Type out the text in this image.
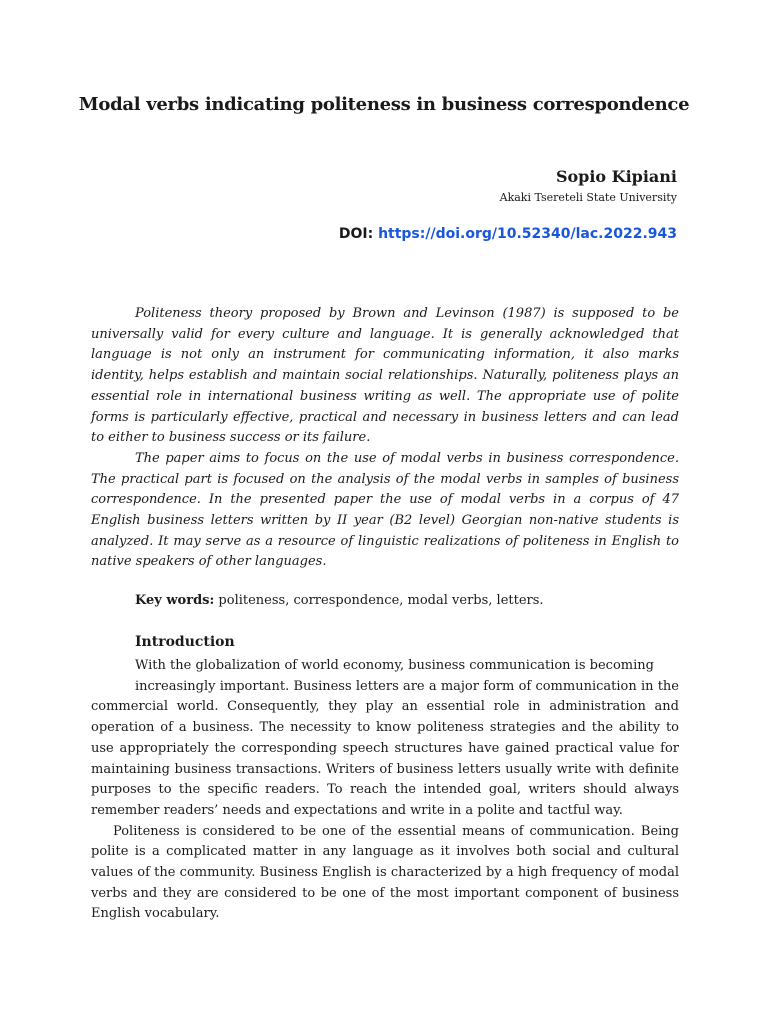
Modal verbs indicating politeness in business correspondence
Sopio Kipiani
Akaki Tsereteli State University
DOI: https://doi.org/10.52340/lac.2022.943

Politeness theory proposed by Brown and Levinson (1987) is supposed to be universally valid for every culture and language. It is generally acknowledged that language is not only an instrument for communicating information, it also marks identity, helps establish and maintain social relationships. Naturally, politeness plays an essential role in international business writing as well. The appropriate use of polite forms is particularly effective, practical and necessary in business letters and can lead to either to business success or its failure.

The paper aims to focus on the use of modal verbs in business correspondence. The practical part is focused on the analysis of the modal verbs in samples of business correspondence. In the presented paper the use of modal verbs in a corpus of 47 English business letters written by II year (B2 level) Georgian non-native students is analyzed. It may serve as a resource of linguistic realizations of politeness in English to native speakers of other languages.

Key words: politeness, correspondence, modal verbs, letters.
Introduction

With the globalization of world economy, business communication is becoming

increasingly important. Business letters are a major form of communication in the commercial world. Consequently, they play an essential role in administration and operation of a business. The necessity to know politeness strategies and the ability to use appropriately the corresponding speech structures have gained practical value for maintaining business transactions. Writers of business letters usually write with definite purposes to the specific readers. To reach the intended goal, writers should always remember readers’ needs and expectations and write in a polite and tactful way.

Politeness is considered to be one of the essential means of communication. Being polite is a complicated matter in any language as it involves both social and cultural values of the community. Business English is characterized by a high frequency of modal verbs and they are considered to be one of the most important component of business English vocabulary.
